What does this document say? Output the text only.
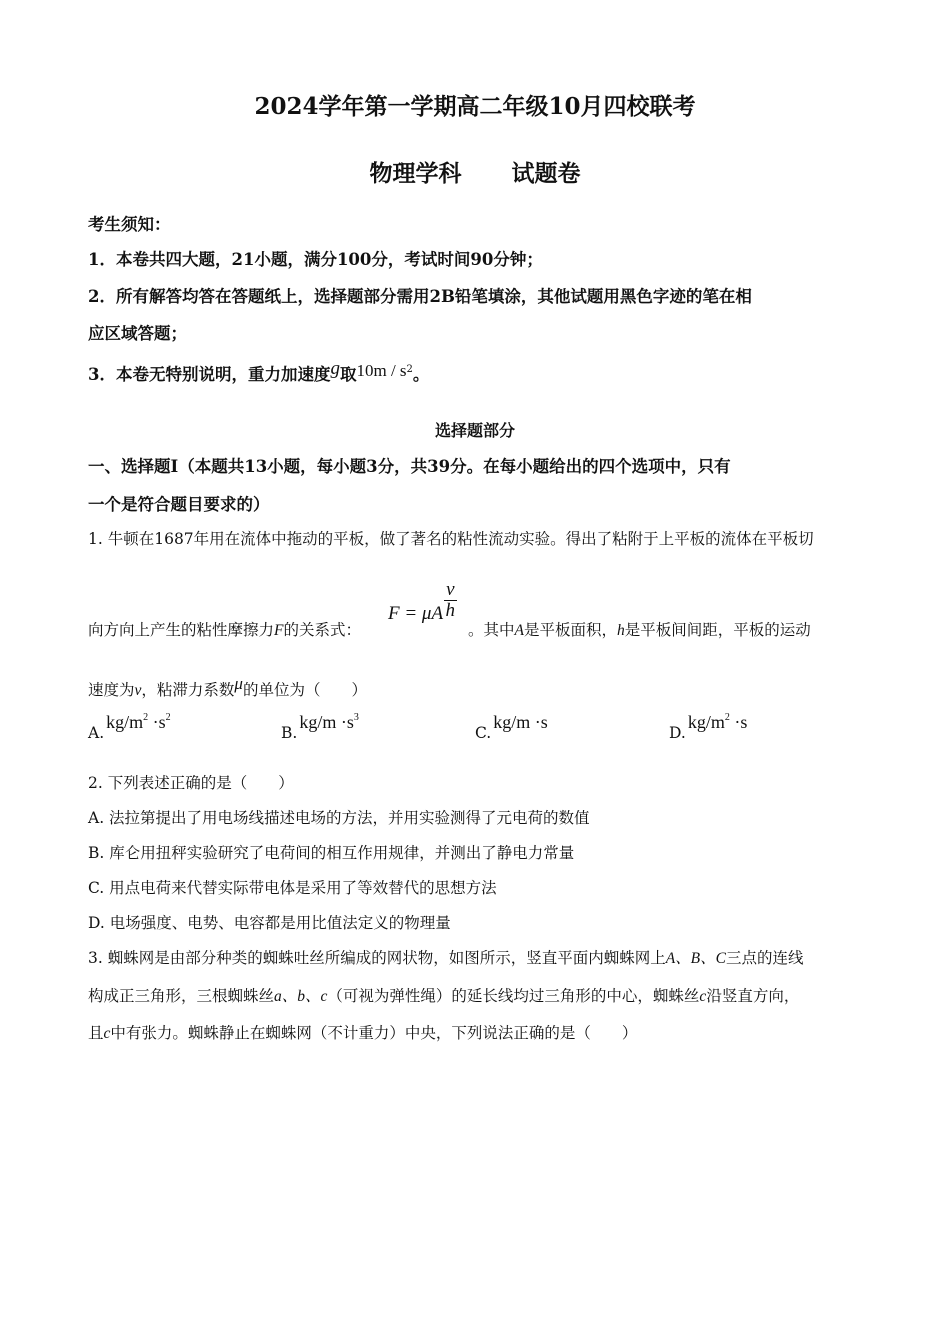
2024学年第一学期高二年级10月四校联考
物理学科 试题卷
考生须知：
1．本卷共四大题，21小题，满分100分，考试时间90分钟；
2．所有解答均答在答题纸上，选择题部分需用2B铅笔填涂，其他试题用黑色字迹的笔在相
应区域答题；
3．本卷无特别说明，重力加速度g取$10m / s^2$。
选择题部分
一、选择题Ⅰ（本题共13小题，每小题3分，共39分。在每小题给出的四个选项中，只有
一个是符合题目要求的）
1. 牛顿在1687年用在流体中拖动的平板，做了著名的粘性流动实验。得出了粘附于上平板的流体在平板切
向方向上产生的粘性摩擦力F的关系式：
F = μA $\frac{v}{h}$
。其中A是平板面积，h是平板间间距，平板的运动
速度为v，粘滞力系数μ的单位为（　　）
$A.kg/m^2 \cdot s^2$
$B.kg/m \cdot s^3$
C.kg/m ·s
$D.kg/m^2 \cdot s$
2. 下列表述正确的是（　　）
A. 法拉第提出了用电场线描述电场的方法，并用实验测得了元电荷的数值
B. 库仑用扭秤实验研究了电荷间的相互作用规律，并测出了静电力常量
C. 用点电荷来代替实际带电体是采用了等效替代的思想方法
D. 电场强度、电势、电容都是用比值法定义的物理量
3. 蜘蛛网是由部分种类的蜘蛛吐丝所编成的网状物，如图所示，竖直平面内蜘蛛网上A、B、C三点的连线
构成正三角形，三根蜘蛛丝a、b、c（可视为弹性绳）的延长线均过三角形的中心，蜘蛛丝c沿竖直方向，
且c中有张力。蜘蛛静止在蜘蛛网（不计重力）中央，下列说法正确的是（　　）
